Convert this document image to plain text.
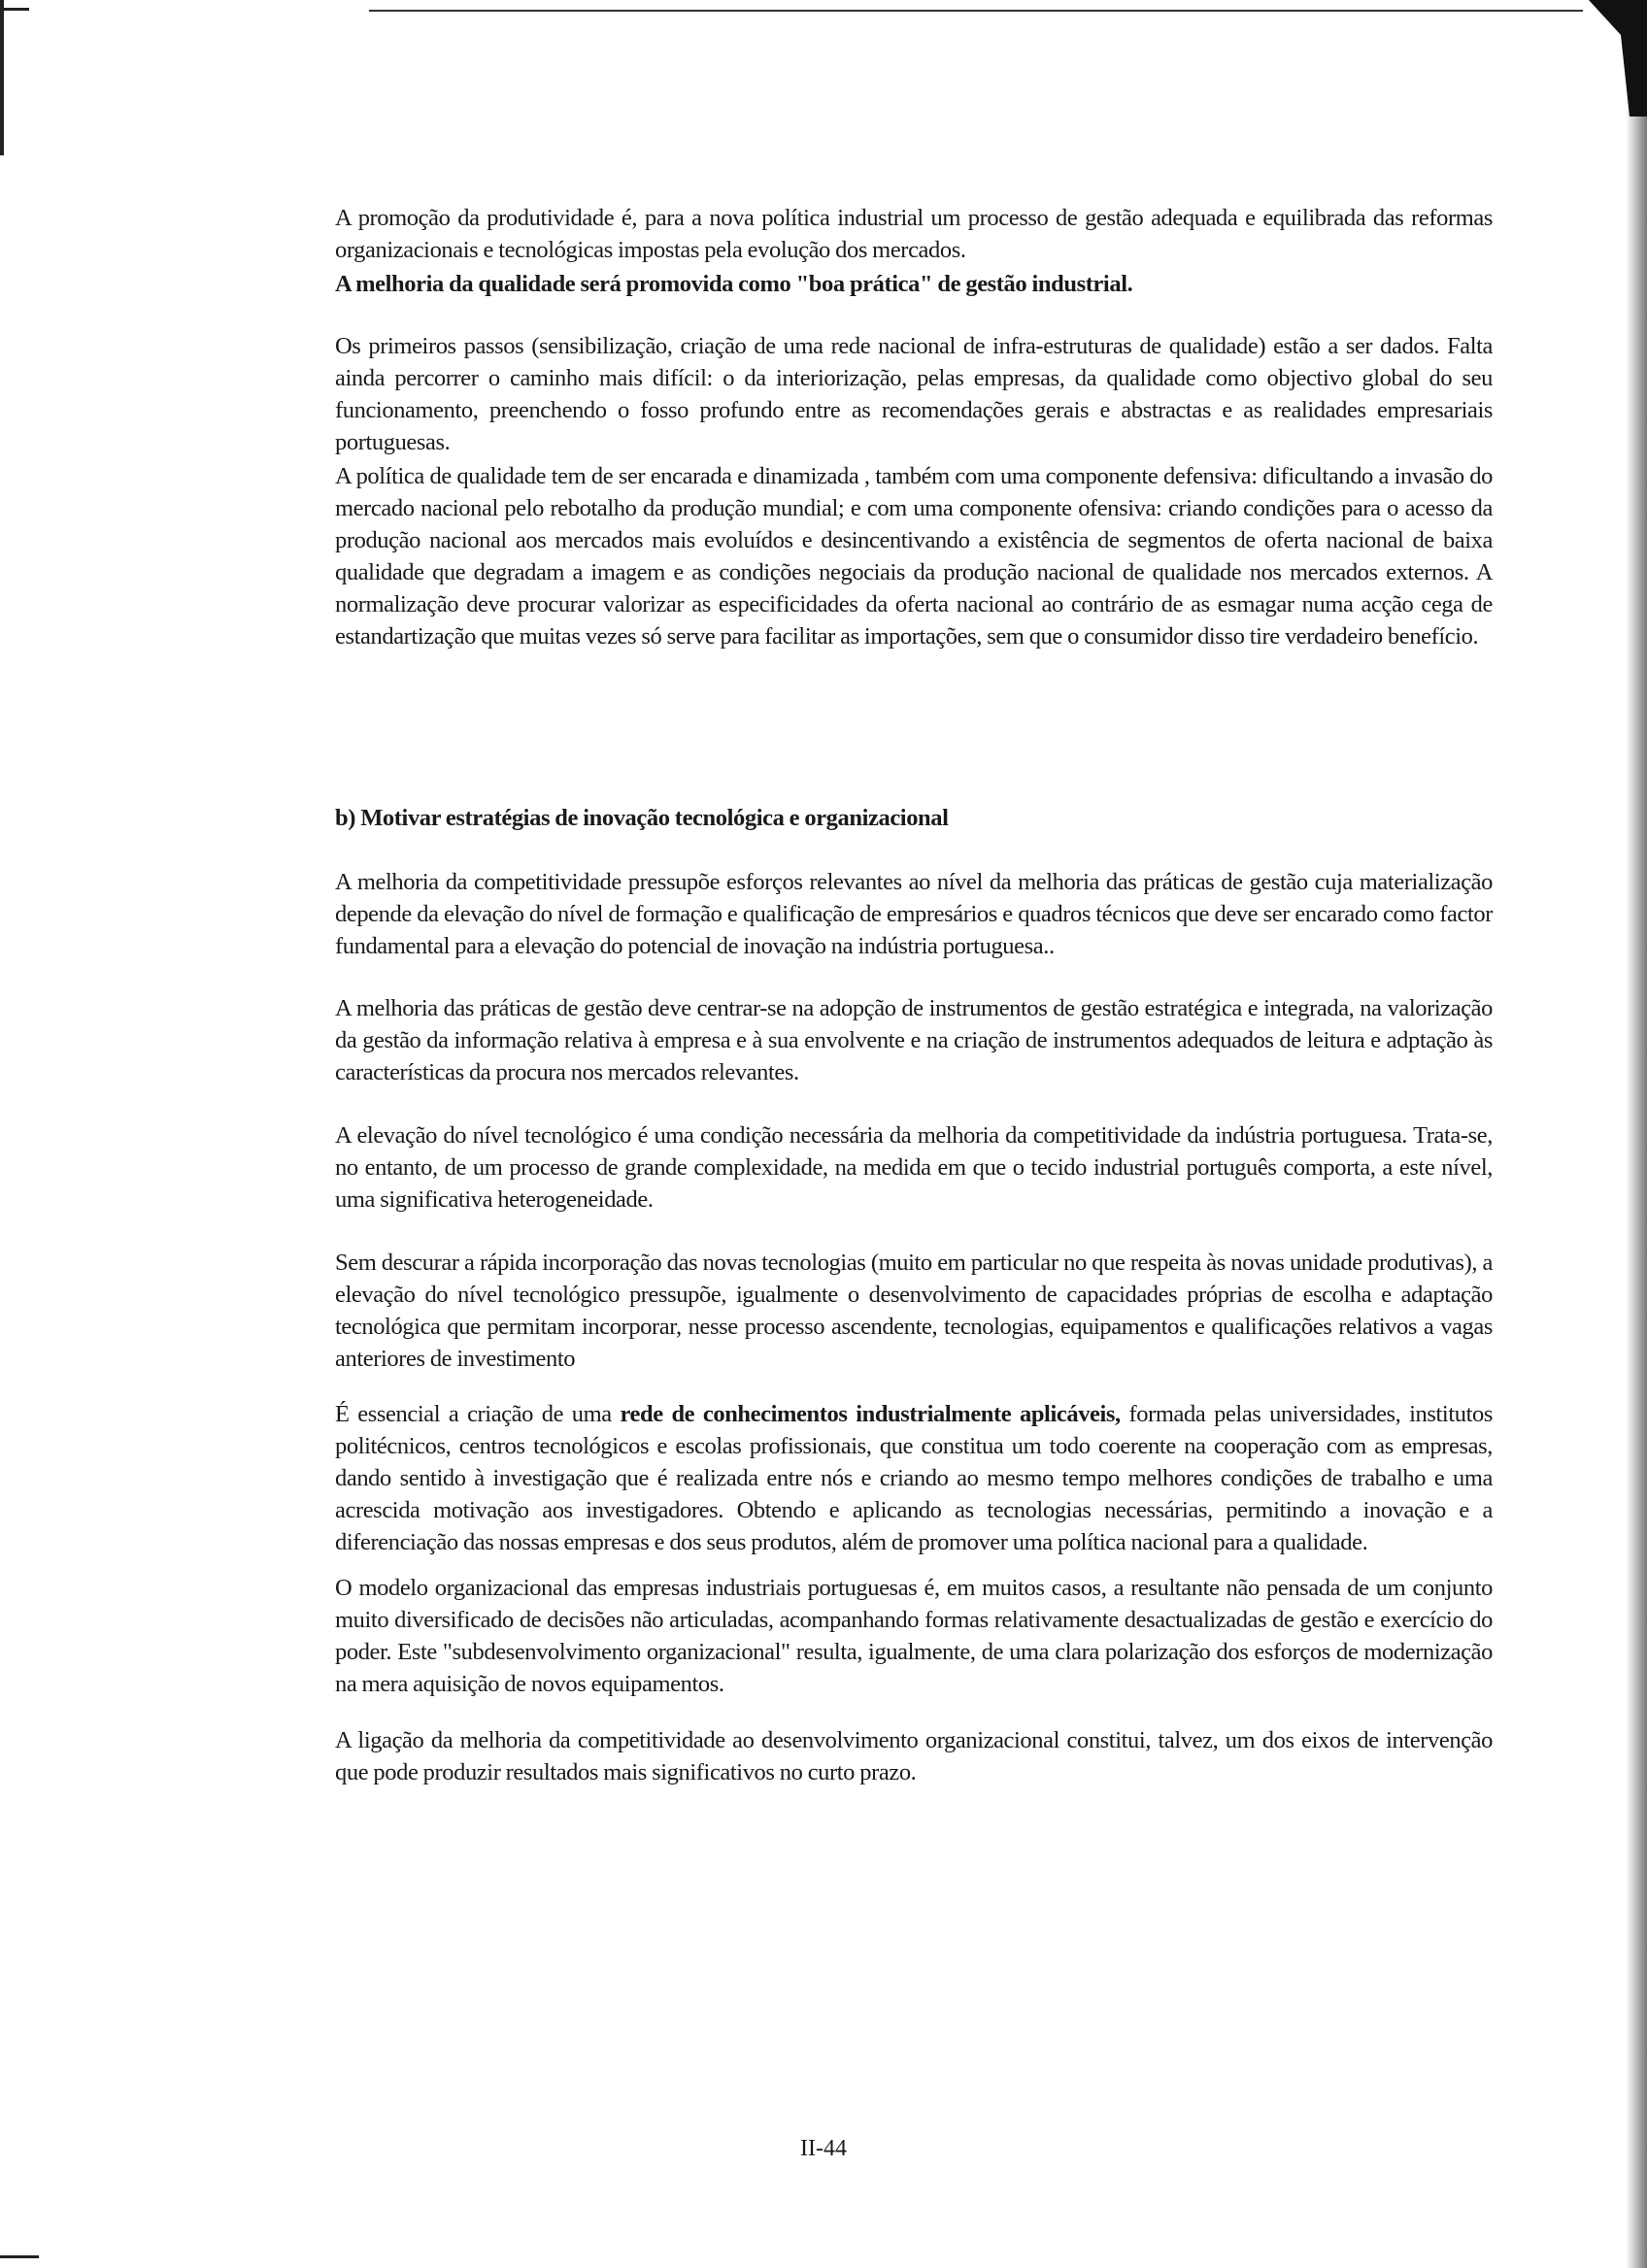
A promoção da produtividade é, para a nova política industrial um processo de gestão adequada e equilibrada das reformas organizacionais e tecnológicas impostas pela evolução dos mercados.
A melhoria da qualidade será promovida como "boa prática" de gestão industrial.
Os primeiros passos (sensibilização, criação de uma rede nacional de infra-estruturas de qualidade) estão a ser dados. Falta ainda percorrer o caminho mais difícil: o da interiorização, pelas empresas, da qualidade como objectivo global do seu funcionamento, preenchendo o fosso profundo entre as recomendações gerais e abstractas e as realidades empresariais portuguesas.
A política de qualidade tem de ser encarada e dinamizada , também com uma componente defensiva: dificultando a invasão do mercado nacional pelo rebotalho da produção mundial; e com uma componente ofensiva: criando condições para o acesso da produção nacional aos mercados mais evoluídos e desincentivando a existência de segmentos de oferta nacional de baixa qualidade que degradam a imagem e as condições negociais da produção nacional de qualidade nos mercados externos. A normalização deve procurar valorizar as especificidades da oferta nacional ao contrário de as esmagar numa acção cega de estandartização que muitas vezes só serve para facilitar as importações, sem que o consumidor disso tire verdadeiro benefício.
b) Motivar estratégias de inovação tecnológica e organizacional
A melhoria da competitividade pressupõe esforços relevantes ao nível da melhoria das práticas de gestão cuja materialização depende da elevação do nível de formação e qualificação de empresários e quadros técnicos que deve ser encarado como factor fundamental para a elevação do potencial de inovação na indústria portuguesa..
A melhoria das práticas de gestão deve centrar-se na adopção de instrumentos de gestão estratégica e integrada, na valorização da gestão da informação relativa à empresa e à sua envolvente e na criação de instrumentos adequados de leitura e adptação às características da procura nos mercados relevantes.
A elevação do nível tecnológico é uma condição necessária da melhoria da competitividade da indústria portuguesa. Trata-se, no entanto, de um processo de grande complexidade, na medida em que o tecido industrial português comporta, a este nível, uma significativa heterogeneidade.
Sem descurar a rápida incorporação das novas tecnologias (muito em particular no que respeita às novas unidade produtivas), a elevação do nível tecnológico pressupõe, igualmente o desenvolvimento de capacidades próprias de escolha e adaptação tecnológica que permitam incorporar, nesse processo ascendente, tecnologias, equipamentos e qualificações relativos a vagas anteriores de investimento
É essencial a criação de uma rede de conhecimentos industrialmente aplicáveis, formada pelas universidades, institutos politécnicos, centros tecnológicos e escolas profissionais, que constitua um todo coerente na cooperação com as empresas, dando sentido à investigação que é realizada entre nós e criando ao mesmo tempo melhores condições de trabalho e uma acrescida motivação aos investigadores. Obtendo e aplicando as tecnologias necessárias, permitindo a inovação e a diferenciação das nossas empresas e dos seus produtos, além de promover uma política nacional para a qualidade.
O modelo organizacional das empresas industriais portuguesas é, em muitos casos, a resultante não pensada de um conjunto muito diversificado de decisões não articuladas, acompanhando formas relativamente desactualizadas de gestão e exercício do poder. Este "subdesenvolvimento organizacional" resulta, igualmente, de uma clara polarização dos esforços de modernização na mera aquisição de novos equipamentos.
A ligação da melhoria da competitividade ao desenvolvimento organizacional constitui, talvez, um dos eixos de intervenção que pode produzir resultados mais significativos no curto prazo.
II-44
